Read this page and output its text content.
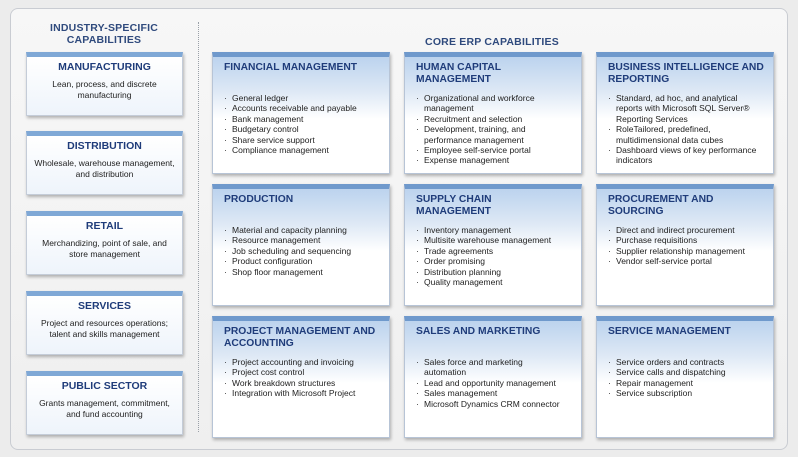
INDUSTRY-SPECIFIC
CAPABILITIES	CORE ERP CAPABILITIES
MANUFACTURING
Lean, process, and discrete manufacturing
DISTRIBUTION
Wholesale, warehouse management, and distribution
RETAIL
Merchandizing, point of sale, and store management
SERVICES
Project and resources operations; talent and skills management
PUBLIC SECTOR
Grants management, commitment, and fund accounting
FINANCIAL MANAGEMENT
· General ledger
· Accounts receivable and payable
· Bank management
· Budgetary control
· Share service support
· Compliance management
HUMAN CAPITAL MANAGEMENT
· Organizational and workforce management
· Recruitment and selection
· Development, training, and performance management
· Employee self-service portal
· Expense management
BUSINESS INTELLIGENCE AND REPORTING
· Standard, ad hoc, and analytical reports with Microsoft SQL Server® Reporting Services
· RoleTailored, predefined, multidimensional data cubes
· Dashboard views of key performance indicators
PRODUCTION
· Material and capacity planning
· Resource management
· Job scheduling and sequencing
· Product configuration
· Shop floor management
SUPPLY CHAIN MANAGEMENT
· Inventory management
· Multisite warehouse management
· Trade agreements
· Order promising
· Distribution planning
· Quality management
PROCUREMENT AND SOURCING
· Direct and indirect procurement
· Purchase requisitions
· Supplier relationship management
· Vendor self-service portal
PROJECT MANAGEMENT AND ACCOUNTING
· Project accounting and invoicing
· Project cost control
· Work breakdown structures
· Integration with Microsoft Project
SALES AND MARKETING
· Sales force and marketing automation
· Lead and opportunity management
· Sales management
· Microsoft Dynamics CRM connector
SERVICE MANAGEMENT
· Service orders and contracts
· Service calls and dispatching
· Repair management
· Service subscription
